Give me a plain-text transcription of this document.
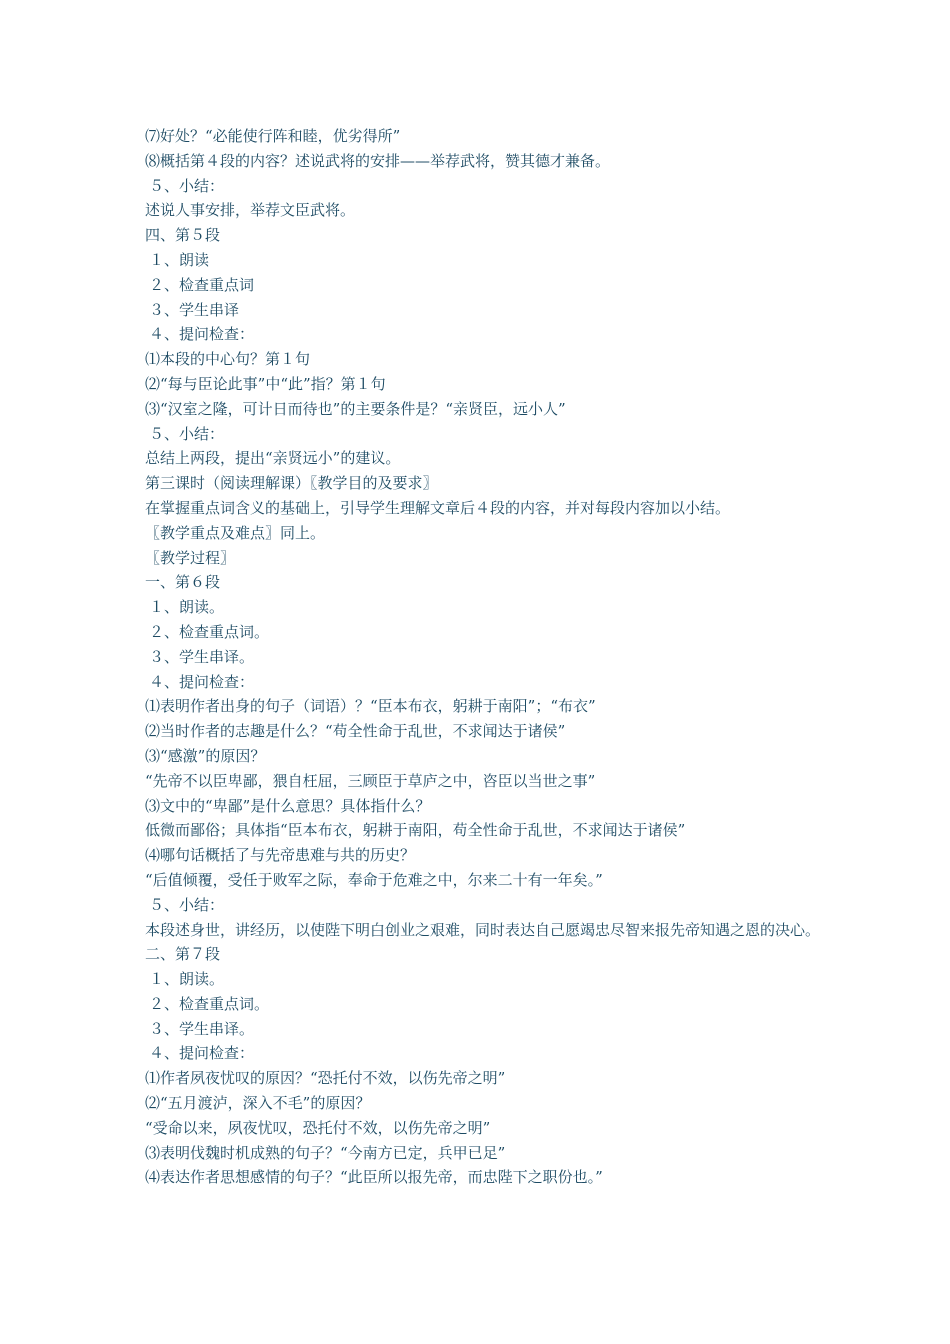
⑺好处？“必能使行阵和睦，优劣得所”
⑻概括第４段的内容？述说武将的安排——举荐武将，赞其德才兼备。
５、小结：
述说人事安排，举荐文臣武将。
四、第５段
１、朗读
２、检查重点词
３、学生串译
４、提问检查：
⑴本段的中心句？第１句
⑵“每与臣论此事”中“此”指？第１句
⑶“汉室之隆，可计日而待也”的主要条件是？“亲贤臣，远小人”
５、小结：
总结上两段，提出“亲贤远小”的建议。
第三课时（阅读理解课）〖教学目的及要求〗
在掌握重点词含义的基础上，引导学生理解文章后４段的内容，并对每段内容加以小结。
〖教学重点及难点〗同上。
〖教学过程〗
一、第６段
１、朗读。
２、检查重点词。
３、学生串译。
４、提问检查：
⑴表明作者出身的句子（词语）？“臣本布衣，躬耕于南阳”；“布衣”
⑵当时作者的志趣是什么？“苟全性命于乱世，不求闻达于诸侯”
⑶“感激”的原因？
“先帝不以臣卑鄙，猥自枉屈，三顾臣于草庐之中，咨臣以当世之事”
⑶文中的“卑鄙”是什么意思？具体指什么？
低微而鄙俗；具体指“臣本布衣，躬耕于南阳，苟全性命于乱世，不求闻达于诸侯”
⑷哪句话概括了与先帝患难与共的历史？
“后值倾覆，受任于败军之际，奉命于危难之中，尔来二十有一年矣。”
５、小结：
本段述身世，讲经历，以使陛下明白创业之艰难，同时表达自己愿竭忠尽智来报先帝知遇之恩的决心。
二、第７段
１、朗读。
２、检查重点词。
３、学生串译。
４、提问检查：
⑴作者夙夜忧叹的原因？“恐托付不效，以伤先帝之明”
⑵“五月渡泸，深入不毛”的原因？
“受命以来，夙夜忧叹，恐托付不效，以伤先帝之明”
⑶表明伐魏时机成熟的句子？“今南方已定，兵甲已足”
⑷表达作者思想感情的句子？“此臣所以报先帝，而忠陛下之职份也。”
